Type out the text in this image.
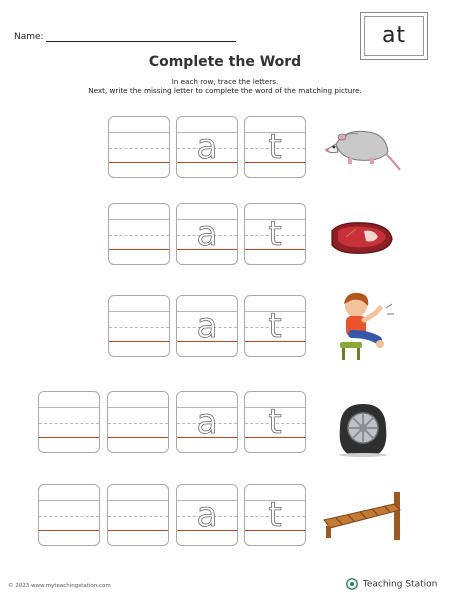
Name:	at
Complete the Word
In each row, trace the letters.
Next, write the missing letter to complete the word of the matching picture.
a	t
a	t
a	t
a	t
a	t
© 2023 www.myteachingstation.com	Teaching Station
